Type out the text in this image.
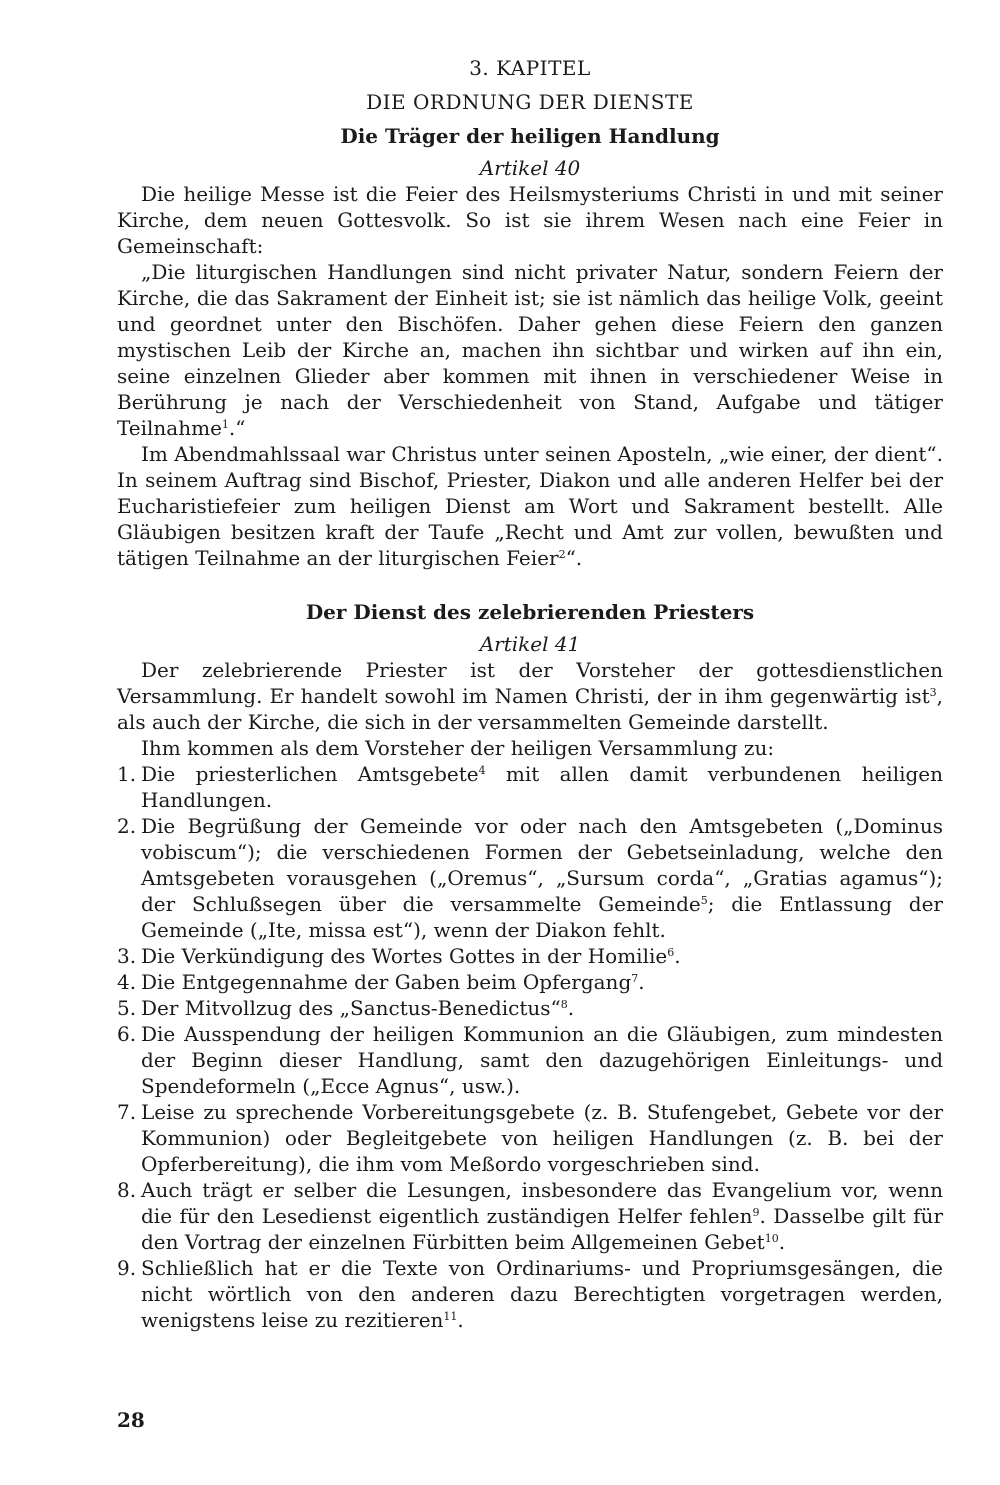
3. KAPITEL
DIE ORDNUNG DER DIENSTE
Die Träger der heiligen Handlung
Artikel 40

Die heilige Messe ist die Feier des Heilsmysteriums Christi in und mit seiner Kirche, dem neuen Gottesvolk. So ist sie ihrem Wesen nach eine Feier in Gemeinschaft:

„Die liturgischen Handlungen sind nicht privater Natur, sondern Feiern der Kirche, die das Sakrament der Einheit ist; sie ist nämlich das heilige Volk, geeint und geordnet unter den Bischöfen. Daher gehen diese Feiern den ganzen mystischen Leib der Kirche an, machen ihn sichtbar und wirken auf ihn ein, seine einzelnen Glieder aber kommen mit ihnen in verschiedener Weise in Berührung je nach der Verschiedenheit von Stand, Aufgabe und tätiger Teilnahme$^1$.“

Im Abendmahlssaal war Christus unter seinen Aposteln, „wie einer, der dient“. In seinem Auftrag sind Bischof, Priester, Diakon und alle anderen Helfer bei der Eucharistiefeier zum heiligen Dienst am Wort und Sakrament bestellt. Alle Gläubigen besitzen kraft der Taufe „Recht und Amt zur vollen, bewußten und tätigen Teilnahme an der liturgischen Feier$^2$“.

Der Dienst des zelebrierenden Priesters
Artikel 41

Der zelebrierende Priester ist der Vorsteher der gottesdienstlichen Versammlung. Er handelt sowohl im Namen Christi, der in ihm gegenwärtig ist$^3$, als auch der Kirche, die sich in der versammelten Gemeinde darstellt.

Ihm kommen als dem Vorsteher der heiligen Versammlung zu:

1. Die priesterlichen Amtsgebete$^4$ mit allen damit verbundenen heiligen Handlungen.
2. Die Begrüßung der Gemeinde vor oder nach den Amtsgebeten („Dominus vobiscum“); die verschiedenen Formen der Gebetseinladung, welche den Amtsgebeten vorausgehen („Oremus“, „Sursum corda“, „Gratias agamus“); der Schlußsegen über die versammelte Gemeinde$^5$; die Entlassung der Gemeinde („Ite, missa est“), wenn der Diakon fehlt.
3. Die Verkündigung des Wortes Gottes in der Homilie$^6$.
4. Die Entgegennahme der Gaben beim Opfergang$^7$.
5. Der Mitvollzug des „Sanctus-Benedictus“$^8$.
6. Die Ausspendung der heiligen Kommunion an die Gläubigen, zum mindesten der Beginn dieser Handlung, samt den dazugehörigen Einleitungs- und Spendeformeln („Ecce Agnus“, usw.).
7. Leise zu sprechende Vorbereitungsgebete (z. B. Stufengebet, Gebete vor der Kommunion) oder Begleitgebete von heiligen Handlungen (z. B. bei der Opferbereitung), die ihm vom Meßordo vorgeschrieben sind.
8. Auch trägt er selber die Lesungen, insbesondere das Evangelium vor, wenn die für den Lesedienst eigentlich zuständigen Helfer fehlen$^9$. Dasselbe gilt für den Vortrag der einzelnen Fürbitten beim Allgemeinen Gebet$^{10}$.
9. Schließlich hat er die Texte von Ordinariums- und Propriumsgesängen, die nicht wörtlich von den anderen dazu Berechtigten vorgetragen werden, wenigstens leise zu rezitieren$^{11}$.
28
